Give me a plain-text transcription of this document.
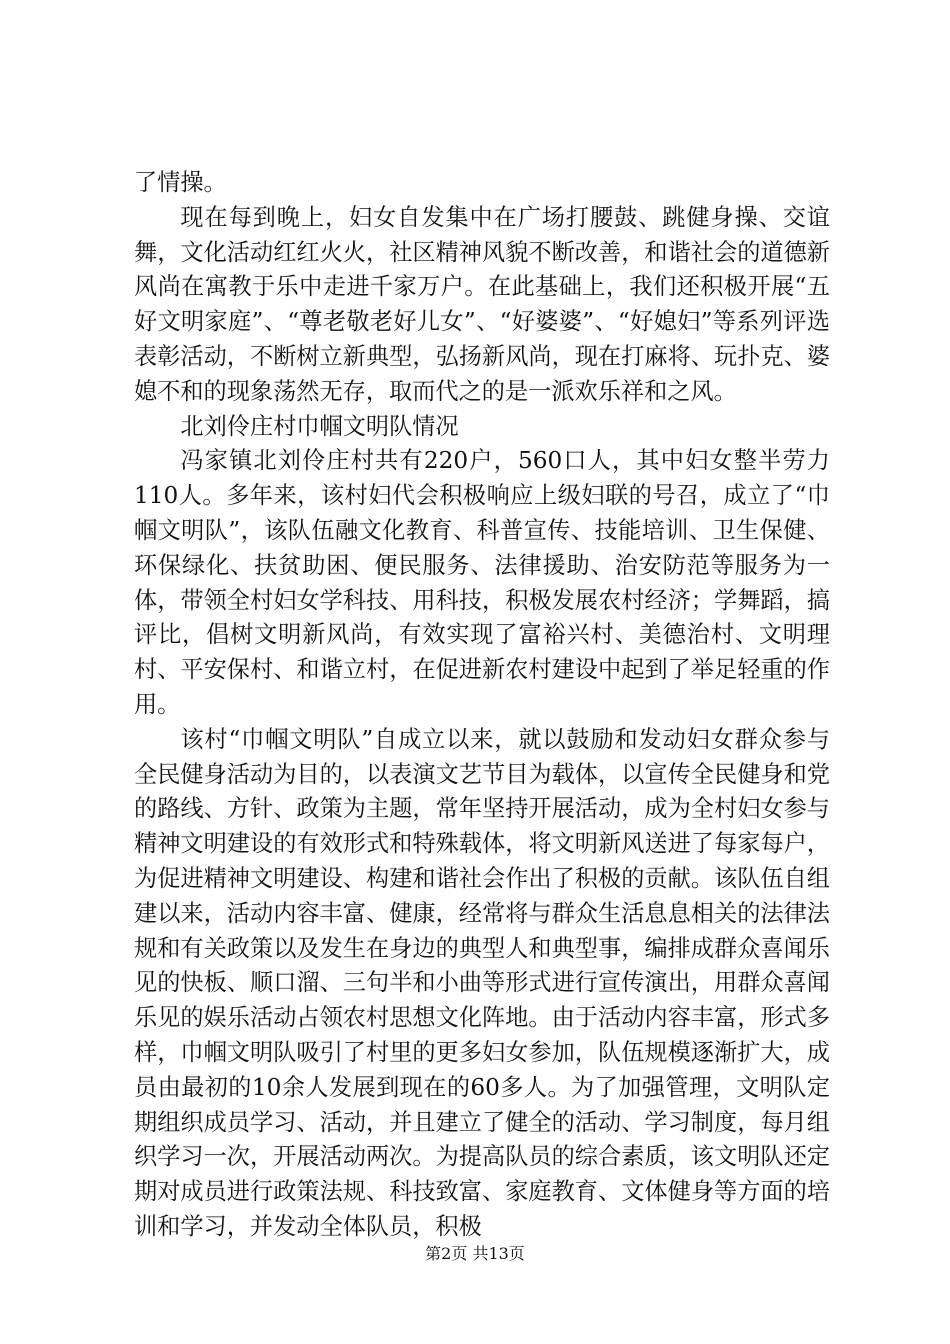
了情操。

现在每到晚上，妇女自发集中在广场打腰鼓、跳健身操、交谊舞，文化活动红红火火，社区精神风貌不断改善，和谐社会的道德新风尚在寓教于乐中走进千家万户。在此基础上，我们还积极开展“五好文明家庭”、“尊老敬老好儿女”、“好婆婆”、“好媳妇”等系列评选表彰活动，不断树立新典型，弘扬新风尚，现在打麻将、玩扑克、婆媳不和的现象荡然无存，取而代之的是一派欢乐祥和之风。

北刘伶庄村巾帼文明队情况

冯家镇北刘伶庄村共有220户，560口人，其中妇女整半劳力110人。多年来，该村妇代会积极响应上级妇联的号召，成立了“巾帼文明队”，该队伍融文化教育、科普宣传、技能培训、卫生保健、环保绿化、扶贫助困、便民服务、法律援助、治安防范等服务为一体，带领全村妇女学科技、用科技，积极发展农村经济；学舞蹈，搞评比，倡树文明新风尚，有效实现了富裕兴村、美德治村、文明理村、平安保村、和谐立村，在促进新农村建设中起到了举足轻重的作用。

该村“巾帼文明队”自成立以来，就以鼓励和发动妇女群众参与全民健身活动为目的，以表演文艺节目为载体，以宣传全民健身和党的路线、方针、政策为主题，常年坚持开展活动，成为全村妇女参与精神文明建设的有效形式和特殊载体，将文明新风送进了每家每户，为促进精神文明建设、构建和谐社会作出了积极的贡献。该队伍自组建以来，活动内容丰富、健康，经常将与群众生活息息相关的法律法规和有关政策以及发生在身边的典型人和典型事，编排成群众喜闻乐见的快板、顺口溜、三句半和小曲等形式进行宣传演出，用群众喜闻乐见的娱乐活动占领农村思想文化阵地。由于活动内容丰富，形式多样，巾帼文明队吸引了村里的更多妇女参加，队伍规模逐渐扩大，成员由最初的10余人发展到现在的60多人。为了加强管理，文明队定期组织成员学习、活动，并且建立了健全的活动、学习制度，每月组织学习一次，开展活动两次。为提高队员的综合素质，该文明队还定期对成员进行政策法规、科技致富、家庭教育、文体健身等方面的培训和学习，并发动全体队员，积极

第2页 共13页
